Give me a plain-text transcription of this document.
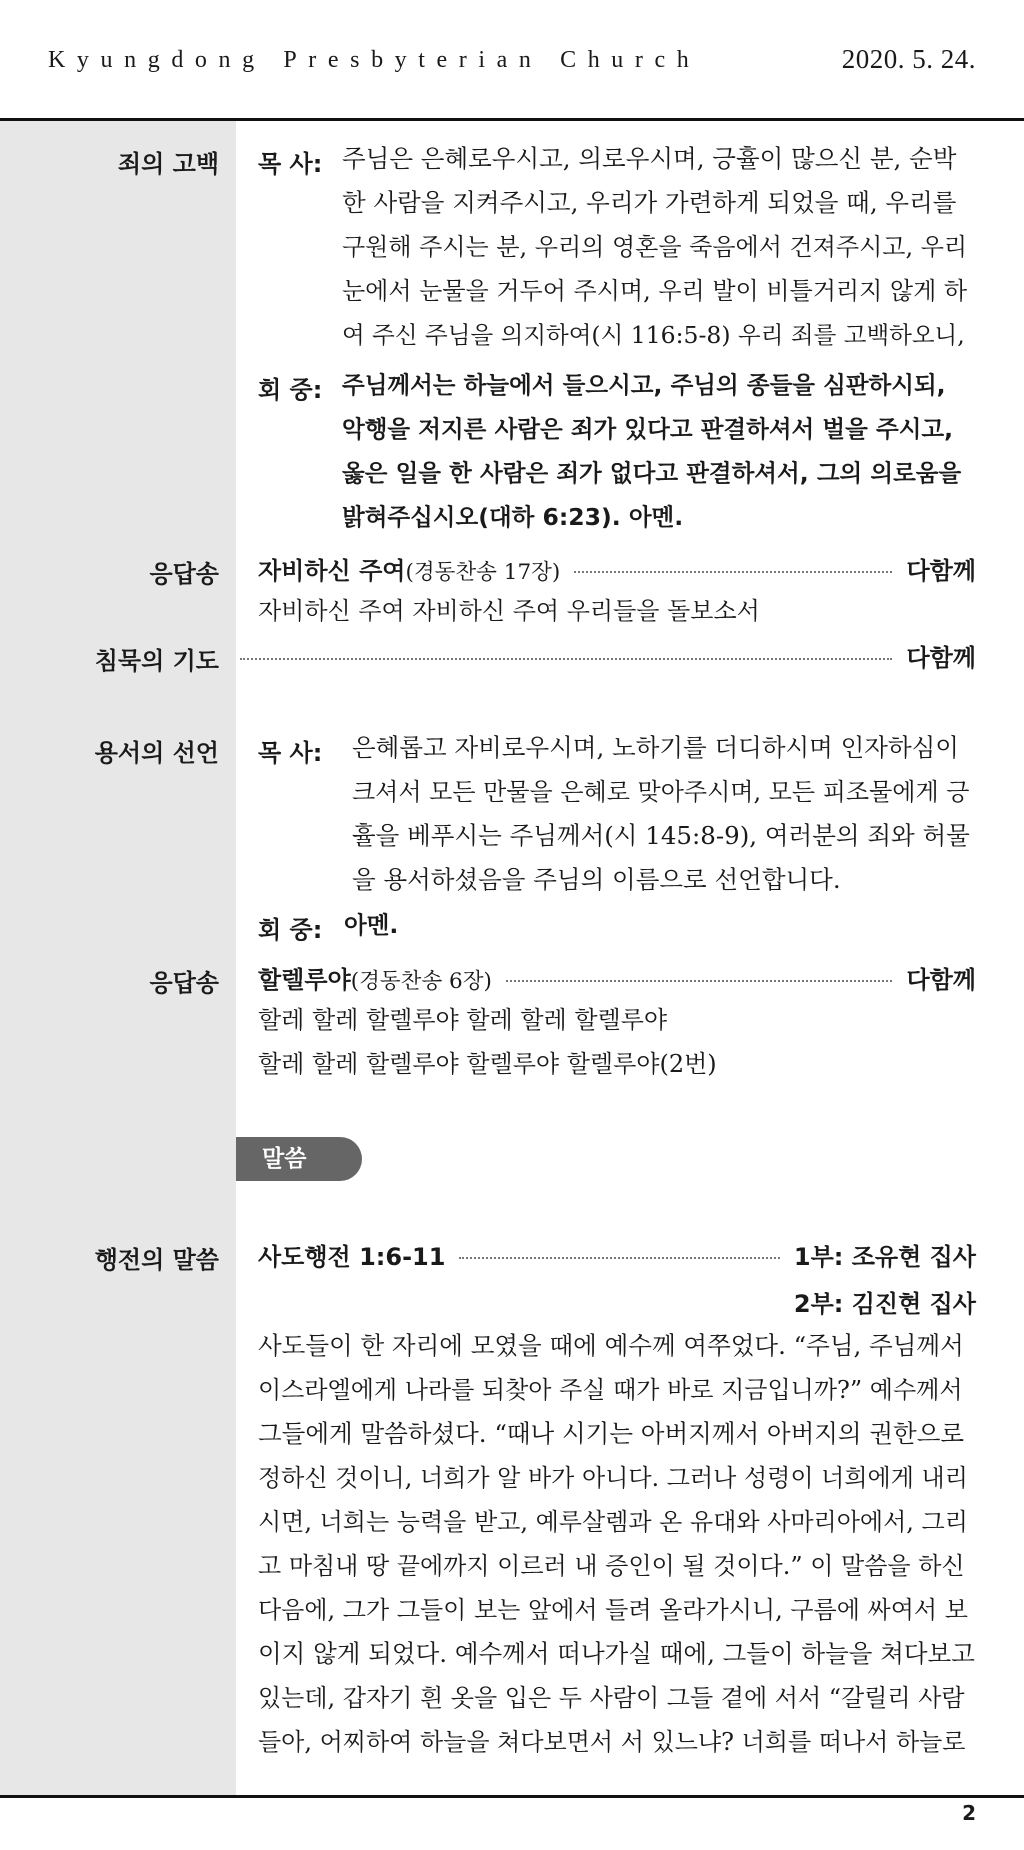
Kyungdong Presbyterian Church	2020. 5. 24.
죄의 고백 목 사: 주님은 은혜로우시고, 의로우시며, 긍휼이 많으신 분, 순박
한 사람을 지켜주시고, 우리가 가련하게 되었을 때, 우리를
구원해 주시는 분, 우리의 영혼을 죽음에서 건져주시고, 우리
눈에서 눈물을 거두어 주시며, 우리 발이 비틀거리지 않게 하
여 주신 주님을 의지하여(시 116:5-8) 우리 죄를 고백하오니,
회 중: 주님께서는 하늘에서 들으시고, 주님의 종들을 심판하시되,
악행을 저지른 사람은 죄가 있다고 판결하셔서 벌을 주시고,
옳은 일을 한 사람은 죄가 없다고 판결하셔서, 그의 의로움을
밝혀주십시오(대하 6:23). 아멘.
응답송 자비하신 주여 (경동찬송 17장)	다함께
자비하신 주여 자비하신 주여 우리들을 돌보소서
침묵의 기도	다함께
용서의 선언 목 사: 은혜롭고 자비로우시며, 노하기를 더디하시며 인자하심이
크셔서 모든 만물을 은혜로 맞아주시며, 모든 피조물에게 긍
휼을 베푸시는 주님께서(시 145:8-9), 여러분의 죄와 허물
을 용서하셨음을 주님의 이름으로 선언합니다.
회 중: 아멘.
응답송 할렐루야 (경동찬송 6장)	다함께
할레 할레 할렐루야 할레 할레 할렐루야
할레 할레 할렐루야 할렐루야 할렐루야(2번)
말씀
행전의 말씀 사도행전 1:6-11	1부: 조유현 집사
2부: 김진현 집사
사도들이 한 자리에 모였을 때에 예수께 여쭈었다. “주님, 주님께서
이스라엘에게 나라를 되찾아 주실 때가 바로 지금입니까?” 예수께서
그들에게 말씀하셨다. “때나 시기는 아버지께서 아버지의 권한으로
정하신 것이니, 너희가 알 바가 아니다. 그러나 성령이 너희에게 내리
시면, 너희는 능력을 받고, 예루살렘과 온 유대와 사마리아에서, 그리
고 마침내 땅 끝에까지 이르러 내 증인이 될 것이다.” 이 말씀을 하신
다음에, 그가 그들이 보는 앞에서 들려 올라가시니, 구름에 싸여서 보
이지 않게 되었다. 예수께서 떠나가실 때에, 그들이 하늘을 쳐다보고
있는데, 갑자기 흰 옷을 입은 두 사람이 그들 곁에 서서 “갈릴리 사람
들아, 어찌하여 하늘을 쳐다보면서 서 있느냐? 너희를 떠나서 하늘로
2
